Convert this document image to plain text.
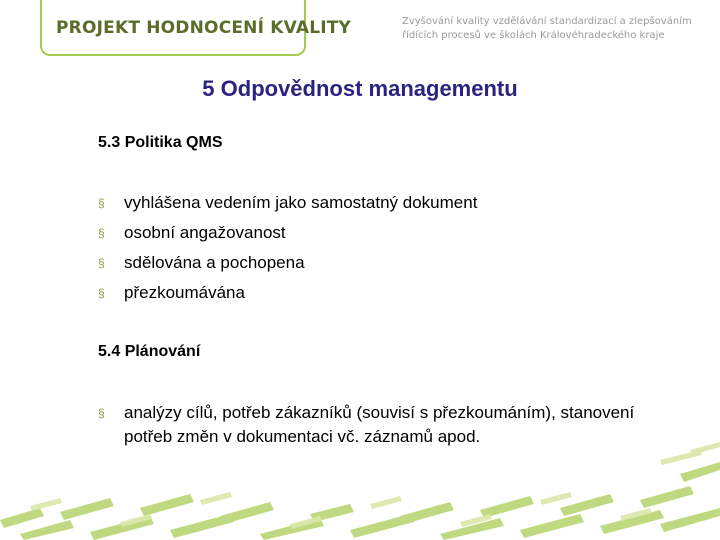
PROJEKT HODNOCENÍ KVALITY	Zvyšování kvality vzdělávání standardizací a zlepšováním
řídících procesů ve školách Královéhradeckého kraje
5 Odpovědnost managementu
5.3 Politika QMS
§ vyhlášena vedením jako samostatný dokument
§ osobní angažovanost
§ sdělována a pochopena
§ přezkoumávána
5.4 Plánování
§ analýzy cílů, potřeb zákazníků (souvisí s přezkoumáním), stanovení potřeb změn v dokumentaci vč. záznamů apod.
